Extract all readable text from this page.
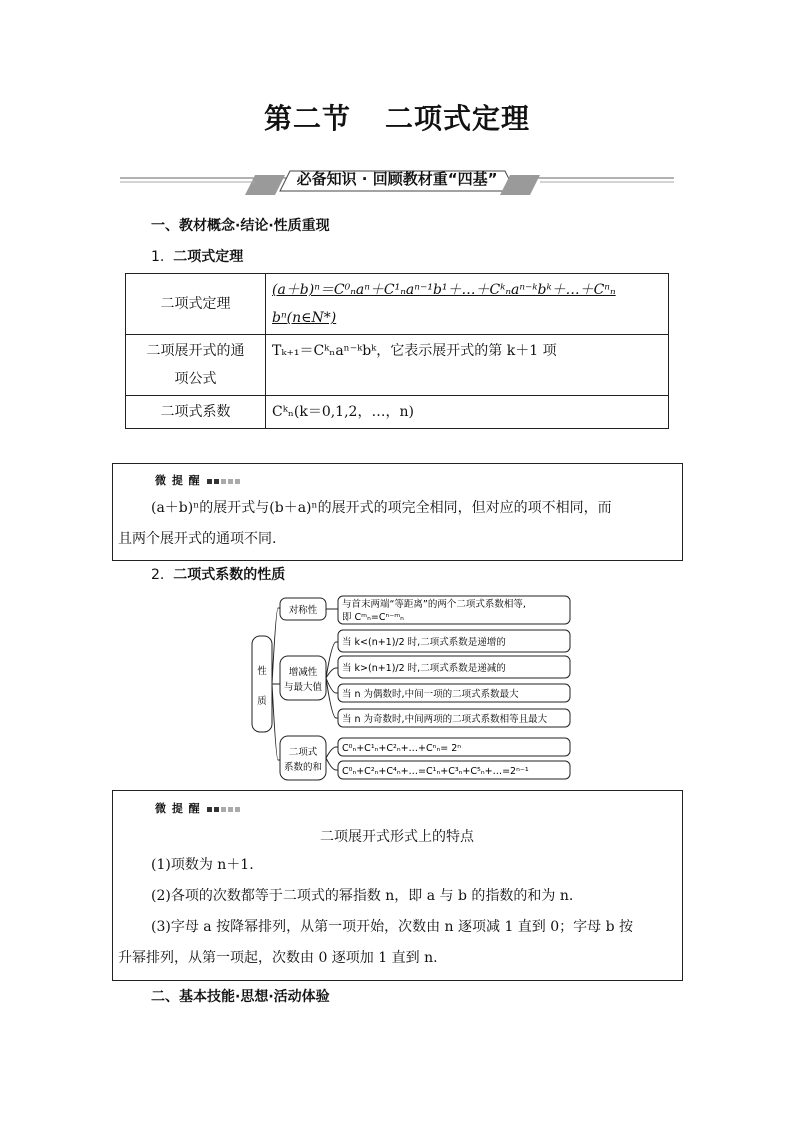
第二节 二项式定理
必备知识 · 回顾教材重“四基”
一、教材概念·结论·性质重现
1. 二项式定理
二项式定理	(a＋b)ⁿ＝C⁰ₙaⁿ＋C¹ₙaⁿ⁻¹b¹＋…＋Cᵏₙaⁿ⁻ᵏbᵏ＋…＋Cⁿₙ
bⁿ(n∈N*)

二项展开式的通
项公式	Tₖ₊₁＝Cᵏₙaⁿ⁻ᵏbᵏ，它表示展开式的第 k＋1 项
二项式系数	Cᵏₙ(k＝0,1,2，…，n)
微 提 醒
(a＋b)ⁿ的展开式与(b＋a)ⁿ的展开式的项完全相同，但对应的项不相同，而
且两个展开式的通项不同.
2. 二项式系数的性质
性
质
对称性
增减性
与最大值
二项式
系数的和
与首末两端“等距离”的两个二项式系数相等,
即 Cᵐₙ=Cⁿ⁻ᵐₙ
当 k<(n+1)/2 时,二项式系数是递增的
当 k>(n+1)/2 时,二项式系数是递减的
当 n 为偶数时,中间一项的二项式系数最大
当 n 为奇数时,中间两项的二项式系数相等且最大
C⁰ₙ+C¹ₙ+C²ₙ+…+Cⁿₙ= 2ⁿ
C⁰ₙ+C²ₙ+C⁴ₙ+…=C¹ₙ+C³ₙ+C⁵ₙ+…=2ⁿ⁻¹
微 提 醒
二项展开式形式上的特点
(1)项数为 n＋1.
(2)各项的次数都等于二项式的幂指数 n，即 a 与 b 的指数的和为 n.
(3)字母 a 按降幂排列，从第一项开始，次数由 n 逐项减 1 直到 0；字母 b 按
升幂排列，从第一项起，次数由 0 逐项加 1 直到 n.
二、基本技能·思想·活动体验
